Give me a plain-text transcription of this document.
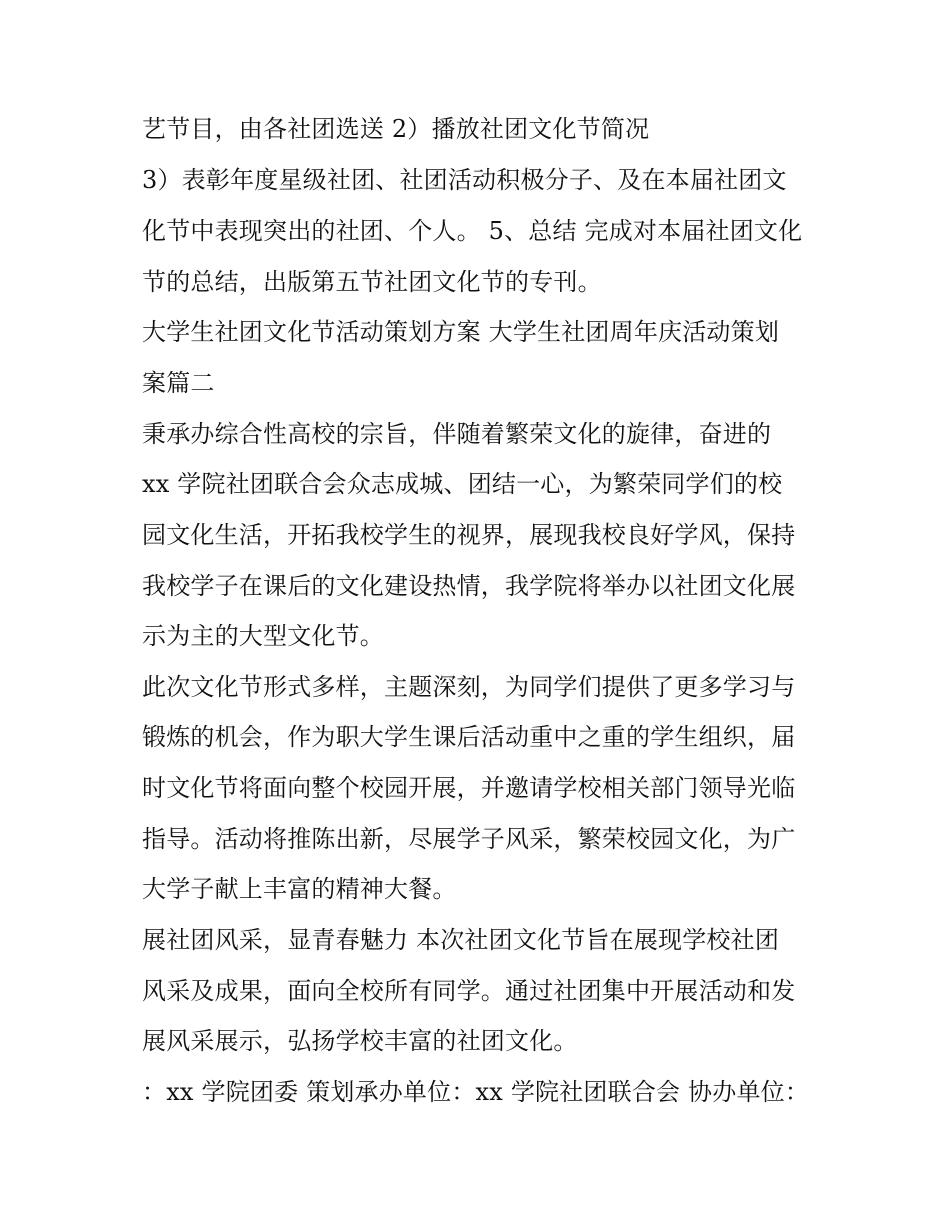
艺节目，由各社团选送 2）播放社团文化节简况
3）表彰年度星级社团、社团活动积极分子、及在本届社团文
化节中表现突出的社团、个人。 5、总结 完成对本届社团文化
节的总结，出版第五节社团文化节的专刊。
大学生社团文化节活动策划方案 大学生社团周年庆活动策划
案篇二
秉承办综合性高校的宗旨，伴随着繁荣文化的旋律，奋进的
xx 学院社团联合会众志成城、团结一心，为繁荣同学们的校
园文化生活，开拓我校学生的视界，展现我校良好学风，保持
我校学子在课后的文化建设热情，我学院将举办以社团文化展
示为主的大型文化节。
此次文化节形式多样，主题深刻，为同学们提供了更多学习与
锻炼的机会，作为职大学生课后活动重中之重的学生组织，届
时文化节将面向整个校园开展，并邀请学校相关部门领导光临
指导。活动将推陈出新，尽展学子风采，繁荣校园文化，为广
大学子献上丰富的精神大餐。
展社团风采，显青春魅力 本次社团文化节旨在展现学校社团
风采及成果，面向全校所有同学。通过社团集中开展活动和发
展风采展示，弘扬学校丰富的社团文化。
：xx 学院团委 策划承办单位：xx 学院社团联合会 协办单位：
